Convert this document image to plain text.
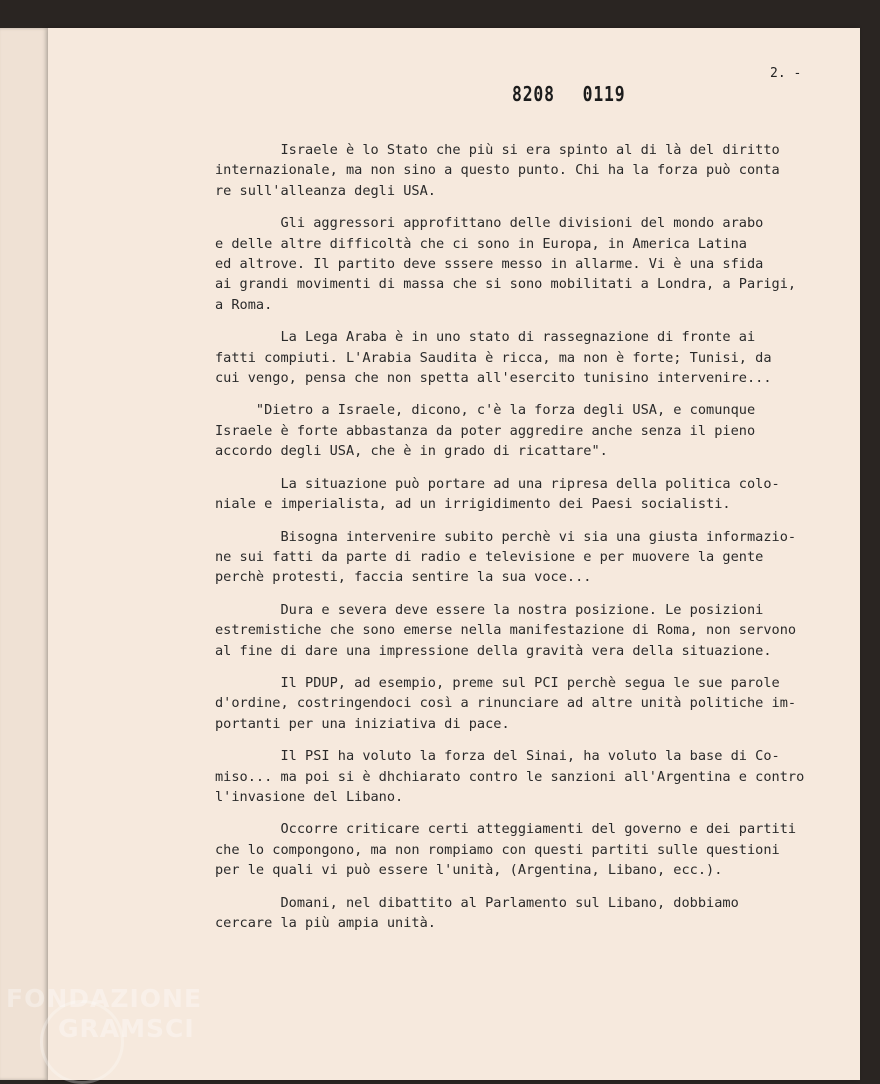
2. -
8208 0119

Israele è lo Stato che più si era spinto al di là del diritto
internazionale, ma non sino a questo punto. Chi ha la forza può conta
re sull'alleanza degli USA.

Gli aggressori approfittano delle divisioni del mondo arabo
e delle altre difficoltà che ci sono in Europa, in America Latina
ed altrove. Il partito deve sssere messo in allarme. Vi è una sfida
ai grandi movimenti di massa che si sono mobilitati a Londra, a Parigi,
a Roma.

La Lega Araba è in uno stato di rassegnazione di fronte ai
fatti compiuti. L'Arabia Saudita è ricca, ma non è forte; Tunisi, da
cui vengo, pensa che non spetta all'esercito tunisino intervenire...

"Dietro a Israele, dicono, c'è la forza degli USA, e comunque
Israele è forte abbastanza da poter aggredire anche senza il pieno
accordo degli USA, che è in grado di ricattare".

La situazione può portare ad una ripresa della politica colo-
niale e imperialista, ad un irrigidimento dei Paesi socialisti.

Bisogna intervenire subito perchè vi sia una giusta informazio-
ne sui fatti da parte di radio e televisione e per muovere la gente
perchè protesti, faccia sentire la sua voce...

Dura e severa deve essere la nostra posizione. Le posizioni
estremistiche che sono emerse nella manifestazione di Roma, non servono
al fine di dare una impressione della gravità vera della situazione.

Il PDUP, ad esempio, preme sul PCI perchè segua le sue parole
d'ordine, costringendoci così a rinunciare ad altre unità politiche im-
portanti per una iniziativa di pace.

Il PSI ha voluto la forza del Sinai, ha voluto la base di Co-
miso... ma poi si è dhchiarato contro le sanzioni all'Argentina e contro
l'invasione del Libano.

Occorre criticare certi atteggiamenti del governo e dei partiti
che lo compongono, ma non rompiamo con questi partiti sulle questioni
per le quali vi può essere l'unità, (Argentina, Libano, ecc.).

Domani, nel dibattito al Parlamento sul Libano, dobbiamo
cercare la più ampia unità.

FONDAZIONE
GRAMSCI
